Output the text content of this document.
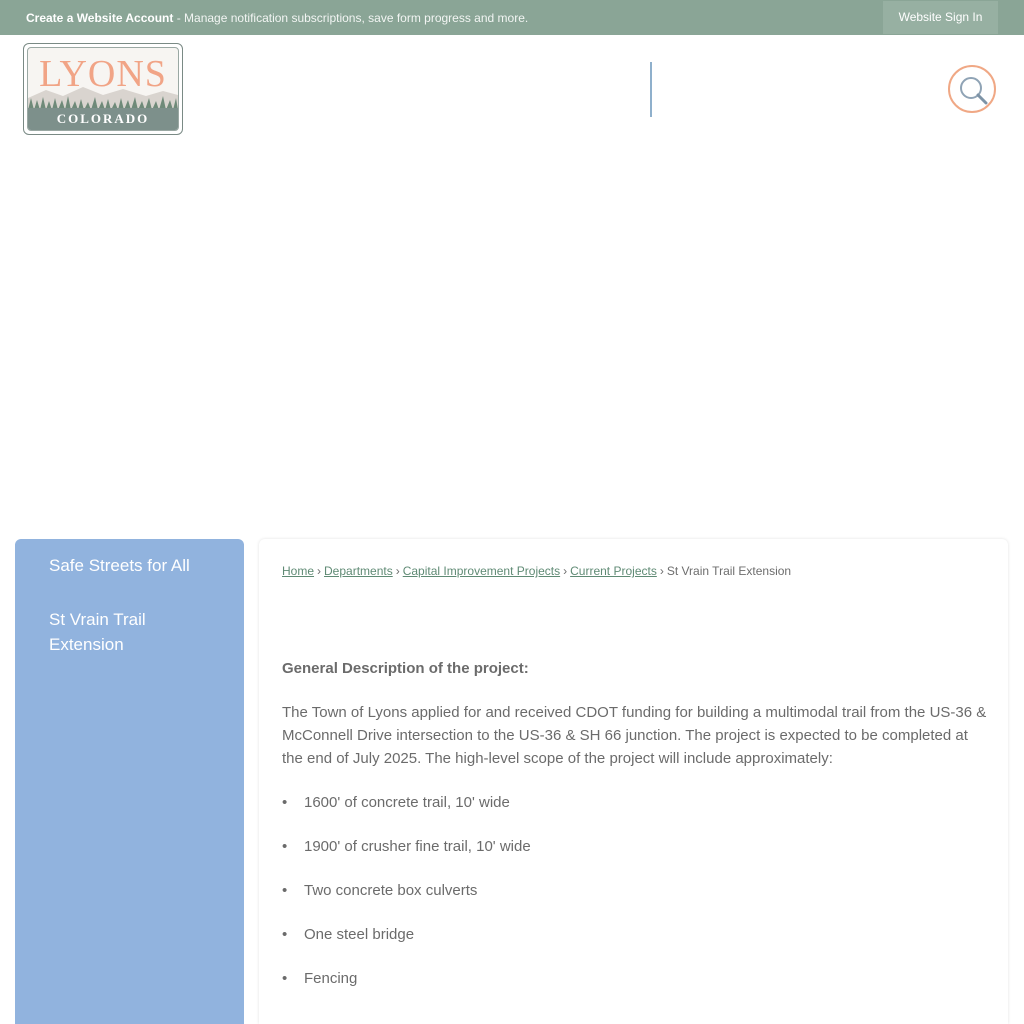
Create a Website Account - Manage notification subscriptions, save form progress and more.	Website Sign In
LYONS
COLORADO
Safe Streets for All
St Vrain Trail Extension
Home › Departments › Capital Improvement Projects › Current Projects › St Vrain Trail Extension
General Description of the project:
The Town of Lyons applied for and received CDOT funding for building a multimodal trail from the US-36 & McConnell Drive intersection to the US-36 & SH 66 junction. The project is expected to be completed at the end of July 2025. The high-level scope of the project will include approximately:
• 1600' of concrete trail, 10' wide
• 1900' of crusher fine trail, 10' wide
• Two concrete box culverts
• One steel bridge
• Fencing
